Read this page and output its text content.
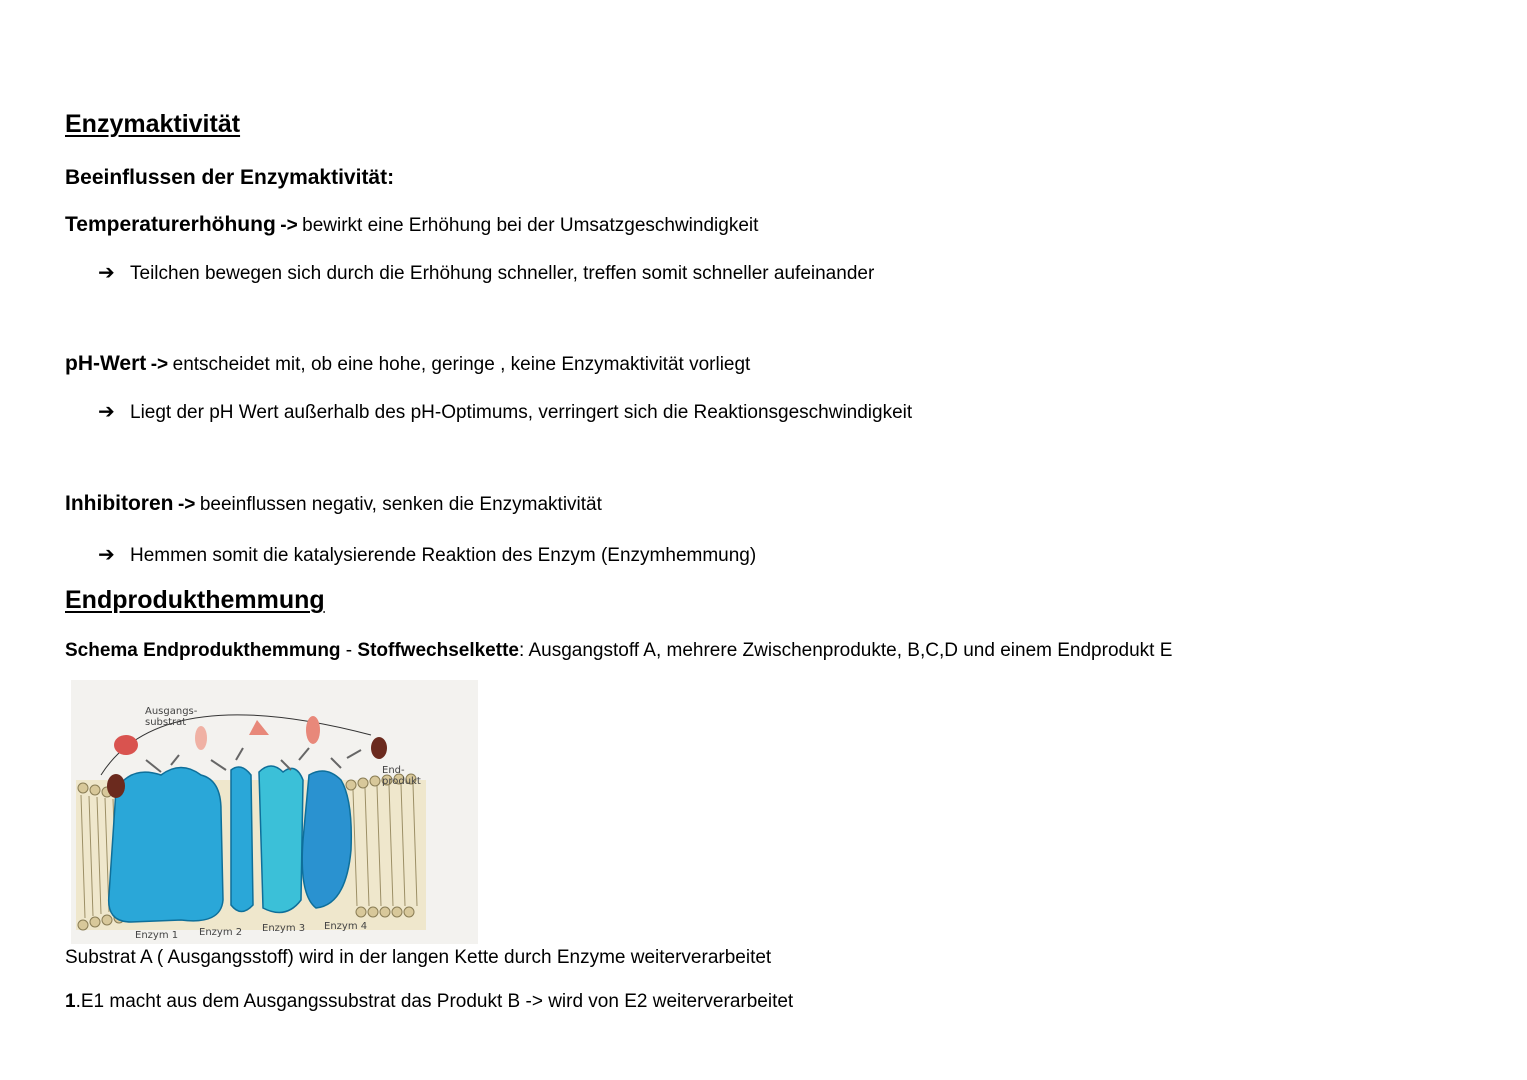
Enzymaktivität
Beeinflussen der Enzymaktivität:
Temperaturerhöhung -> bewirkt eine Erhöhung bei der Umsatzgeschwindigkeit
➔ Teilchen bewegen sich durch die Erhöhung schneller, treffen somit schneller aufeinander
pH-Wert -> entscheidet mit, ob eine hohe, geringe , keine Enzymaktivität vorliegt
➔ Liegt der pH Wert außerhalb des pH-Optimums, verringert sich die Reaktionsgeschwindigkeit
Inhibitoren -> beeinflussen negativ, senken die Enzymaktivität
➔ Hemmen somit die katalysierende Reaktion des Enzym (Enzymhemmung)
Endprodukthemmung
Schema Endprodukthemmung - Stoffwechselkette: Ausgangstoff A, mehrere Zwischenprodukte, B,C,D und einem Endprodukt E
Ausgangs-
substrat
End-
produkt
Enzym 1 Enzym 2 Enzym 3 Enzym 4
Substrat A ( Ausgangsstoff) wird in der langen Kette durch Enzyme weiterverarbeitet
1.E1 macht aus dem Ausgangssubstrat das Produkt B -> wird von E2 weiterverarbeitet
